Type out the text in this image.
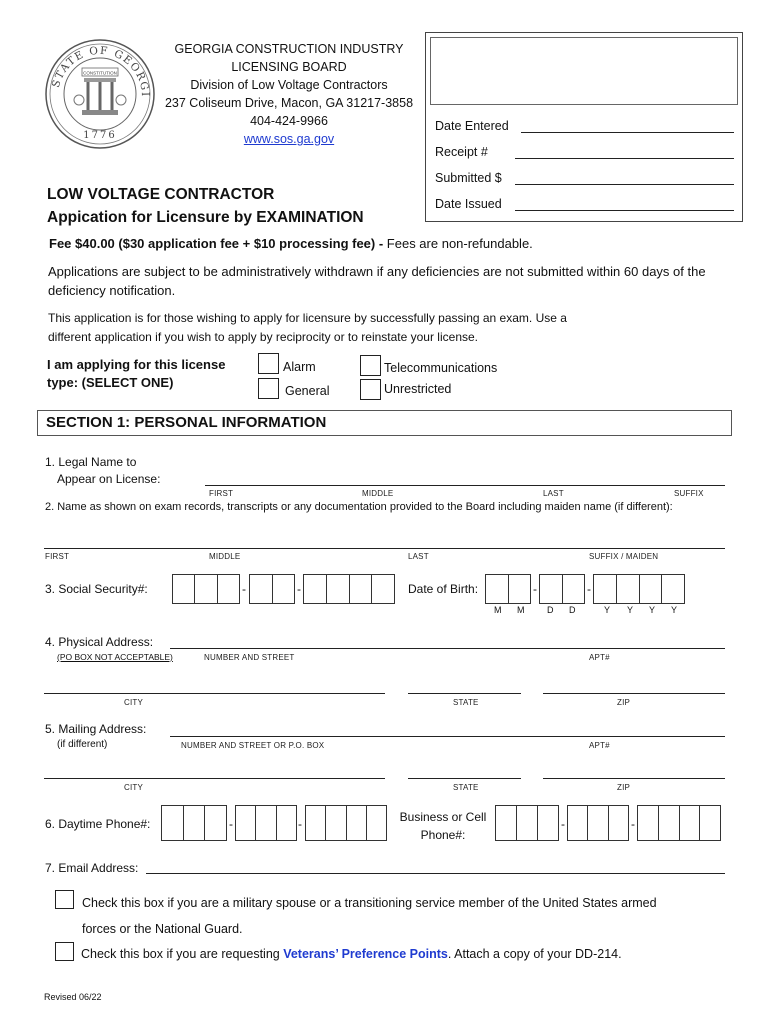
STATE OF GEORGI
CONSTITUTION
1776
GEORGIA CONSTRUCTION INDUSTRY
LICENSING BOARD
Division of Low Voltage Contractors
237 Coliseum Drive, Macon, GA 31217-3858
404-424-9966
www.sos.ga.gov
Date Entered
Receipt #
Submitted $
Date Issued
LOW VOLTAGE CONTRACTOR
Appication for Licensure by EXAMINATION
Fee $40.00 ($30 application fee + $10 processing fee) - Fees are non-refundable.
Applications are subject to be administratively withdrawn if any deficiencies are not submitted within 60 days of the deficiency notification.
This application is for those wishing to apply for licensure by successfully passing an exam. Use a different application if you wish to apply by reciprocity or to reinstate your license.
I am applying for this license type: (SELECT ONE)
Alarm
General
Telecommunications
Unrestricted
SECTION 1: PERSONAL INFORMATION
1. Legal Name to
Appear on License:
FIRST	MIDDLE	LAST	SUFFIX
2. Name as shown on exam records, transcripts or any documentation provided to the Board including maiden name (if different):
FIRST	MIDDLE	LAST	SUFFIX / MAIDEN
3. Social Security#:	-	-	Date of Birth:	-	-
M M	D D	Y Y Y Y
4. Physical Address:
(PO BOX NOT ACCEPTABLE)	NUMBER AND STREET	APT#
CITY	STATE	ZIP
5. Mailing Address:
(if different)	NUMBER AND STREET OR P.O. BOX	APT#
CITY	STATE	ZIP
6. Daytime Phone#:	-	-	Business or Cell
Phone#:
-	-
7. Email Address:
Check this box if you are a military spouse or a transitioning service member of the United States armed
forces or the National Guard.
Check this box if you are requesting Veterans’ Preference Points. Attach a copy of your DD-214.
Revised 06/22
